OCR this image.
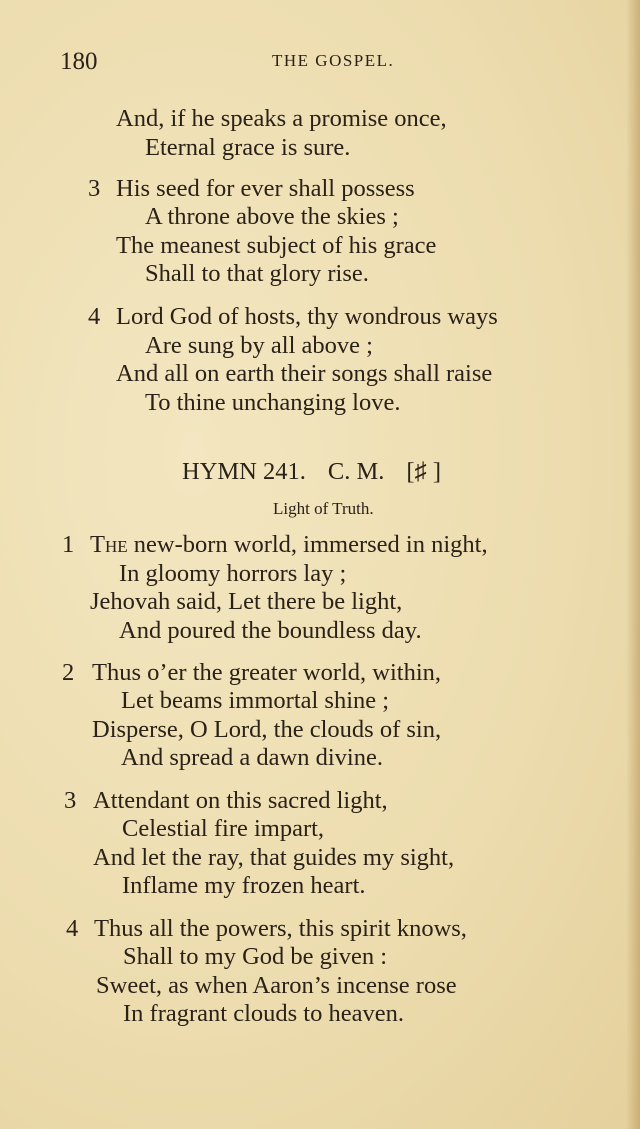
180	THE GOSPEL.
And, if he speaks a promise once,
Eternal grace is sure.
3 His seed for ever shall possess
A throne above the skies ;
The meanest subject of his grace
Shall to that glory rise.
4 Lord God of hosts, thy wondrous ways
Are sung by all above ;
And all on earth their songs shall raise
To thine unchanging love.
HYMN 241. C. M. [♯ ]
Light of Truth.
1 The new-born world, immersed in night,
In gloomy horrors lay ;
Jehovah said, Let there be light,
And poured the boundless day.
2 Thus o’er the greater world, within,
Let beams immortal shine ;
Disperse, O Lord, the clouds of sin,
And spread a dawn divine.
3 Attendant on this sacred light,
Celestial fire impart,
And let the ray, that guides my sight,
Inflame my frozen heart.
4 Thus all the powers, this spirit knows,
Shall to my God be given :
Sweet, as when Aaron’s incense rose
In fragrant clouds to heaven.
